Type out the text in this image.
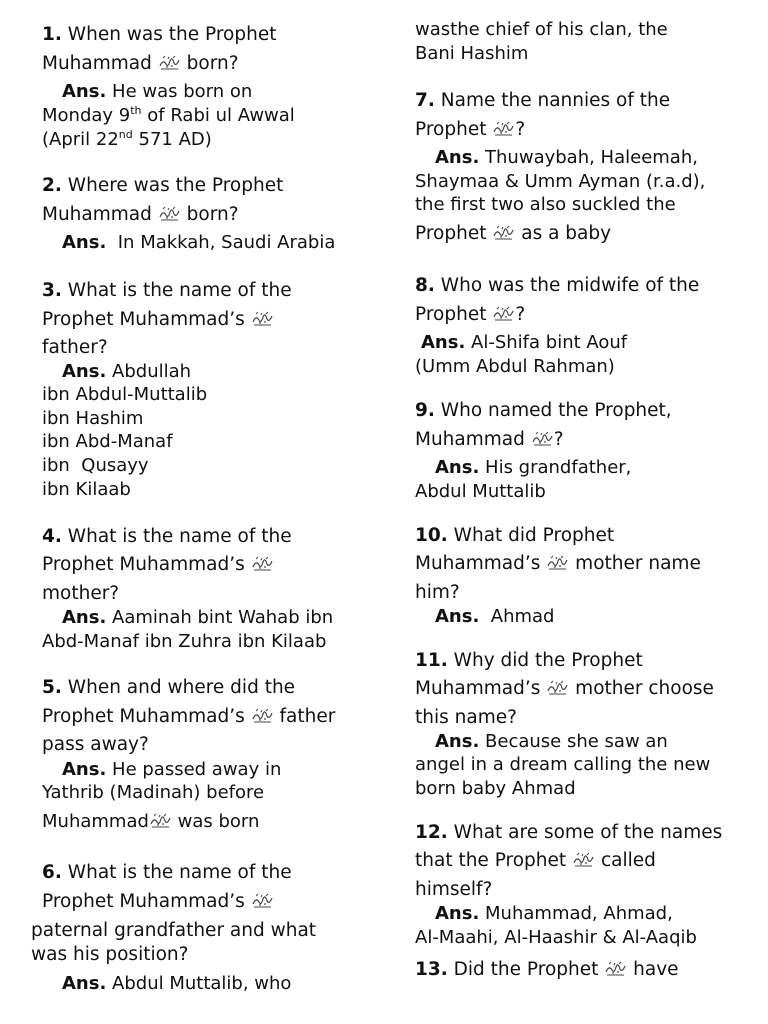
1. When was the Prophet
Muhammad born?
Ans. He was born on
Monday 9th of Rabi ul Awwal
(April 22nd 571 AD)
2. Where was the Prophet
Muhammad born?
Ans. In Makkah, Saudi Arabia
3. What is the name of the
Prophet Muhammad’s
father?
Ans. Abdullah
ibn Abdul-Muttalib
ibn Hashim
ibn Abd-Manaf
ibn  Qusayy
ibn Kilaab
4. What is the name of the
Prophet Muhammad’s
mother?
Ans. Aaminah bint Wahab ibn
Abd-Manaf ibn Zuhra ibn Kilaab
5. When and where did the
Prophet Muhammad’s father
pass away?
Ans. He passed away in
Yathrib (Madinah) before
Muhammad was born
6. What is the name of the
Prophet Muhammad’s
paternal grandfather and what
was his position?
Ans. Abdul Muttalib, who
wasthe chief of his clan, the
Bani Hashim
7. Name the nannies of the
Prophet ?
Ans. Thuwaybah, Haleemah,
Shaymaa & Umm Ayman (r.a.d),
the first two also suckled the
Prophet as a baby
8. Who was the midwife of the
Prophet ?
Ans. Al-Shifa bint Aouf
(Umm Abdul Rahman)
9. Who named the Prophet,
Muhammad ?
Ans. His grandfather,
Abdul Muttalib
10. What did Prophet
Muhammad’s mother name
him?
Ans.  Ahmad
11. Why did the Prophet
Muhammad’s mother choose
this name?
Ans. Because she saw an
angel in a dream calling the new
born baby Ahmad
12. What are some of the names
that the Prophet called
himself?
Ans. Muhammad, Ahmad,
Al-Maahi, Al-Haashir & Al-Aaqib
13. Did the Prophet have
